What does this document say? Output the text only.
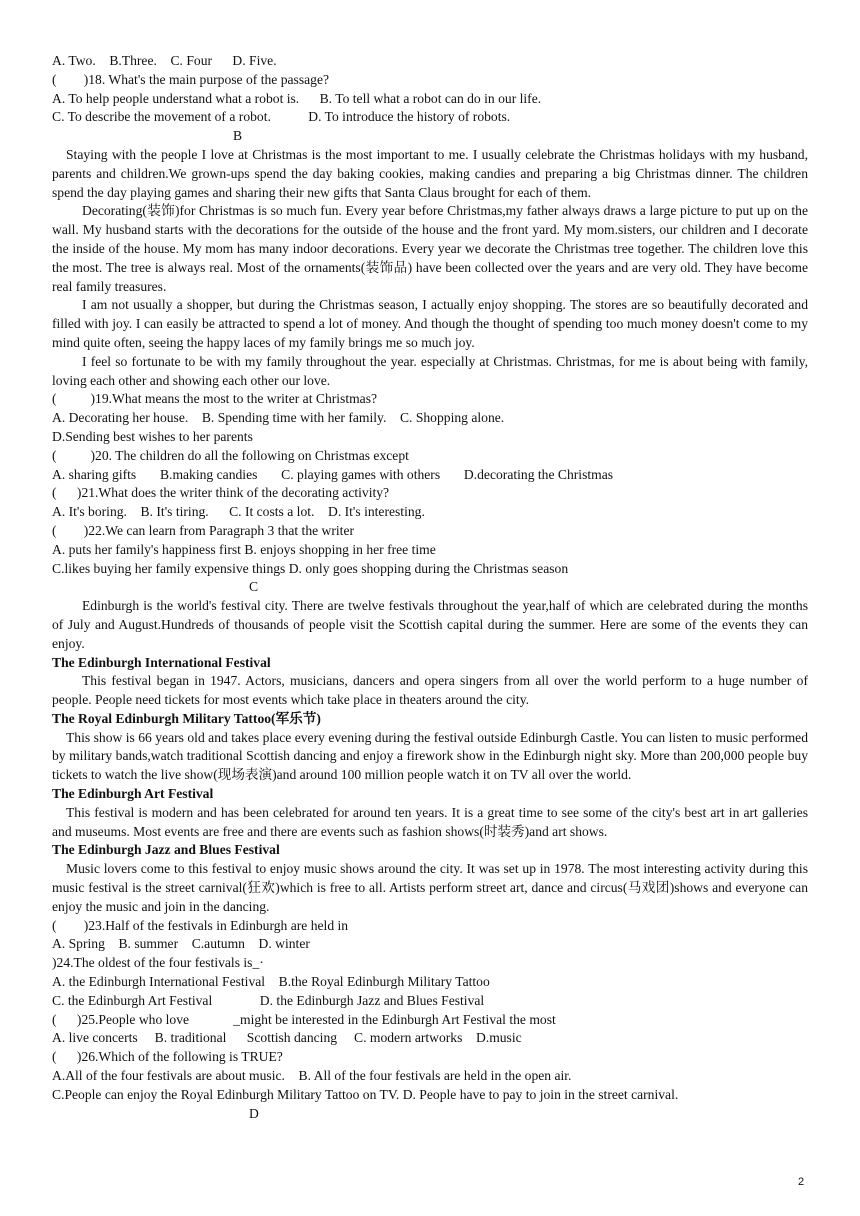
A. Two.    B.Three.    C. Four      D. Five.

(        )18. What's the main purpose of the passage?

A. To help people understand what a robot is.      B. To tell what a robot can do in our life.

C. To describe the movement of a robot.           D. To introduce the history of robots.

B

Staying with the people I love at Christmas is the most important to me. I usually celebrate the Christmas holidays with my husband, parents and children.We grown-ups spend the day baking cookies, making candies and preparing a big Christmas dinner. The children spend the day playing games and sharing their new gifts that Santa Claus brought for each of them.

Decorating(装饰)for Christmas is so much fun. Every year before Christmas,my father always draws a large picture to put up on the wall. My husband starts with the decorations for the outside of the house and the front yard. My mom.sisters, our children and I decorate the inside of the house. My mom has many indoor decorations. Every year we decorate the Christmas tree together. The children love this the most. The tree is always real. Most of the ornaments(装饰品) have been collected over the years and are very old. They have become real family treasures.

I am not usually a shopper, but during the Christmas season, I actually enjoy shopping. The stores are so beautifully decorated and filled with joy. I can easily be attracted to spend a lot of money. And though the thought of spending too much money doesn't come to my mind quite often, seeing the happy laces of my family brings me so much joy.

I feel so fortunate to be with my family throughout the year. especially at Christmas. Christmas, for me is about being with family, loving each other and showing each other our love.

(          )19.What means the most to the writer at Christmas?

A. Decorating her house.    B. Spending time with her family.    C. Shopping alone.

D.Sending best wishes to her parents

(          )20. The children do all the following on Christmas except

A. sharing gifts       B.making candies       C. playing games with others       D.decorating the Christmas

(      )21.What does the writer think of the decorating activity?

A. It's boring.    B. It's tiring.      C. It costs a lot.    D. It's interesting.

(        )22.We can learn from Paragraph 3 that the writer

A. puts her family's happiness first B. enjoys shopping in her free time

C.likes buying her family expensive things D. only goes shopping during the Christmas season

C

Edinburgh is the world's festival city. There are twelve festivals throughout the year,half of which are celebrated during the months of July and August.Hundreds of thousands of people visit the Scottish capital during the summer. Here are some of the events they can enjoy.

The Edinburgh International Festival

This festival began in 1947. Actors, musicians, dancers and opera singers from all over the world perform to a huge number of people. People need tickets for most events which take place in theaters around the city.

The Royal Edinburgh Military Tattoo(军乐节)

This show is 66 years old and takes place every evening during the festival outside Edinburgh Castle. You can listen to music performed by military bands,watch traditional Scottish dancing and enjoy a firework show in the Edinburgh night sky. More than 200,000 people buy tickets to watch the live show(现场表演)and around 100 million people watch it on TV all over the world.

The Edinburgh Art Festival

This festival is modern and has been celebrated for around ten years. It is a great time to see some of the city's best art in art galleries and museums. Most events are free and there are events such as fashion shows(时装秀)and art shows.

The Edinburgh Jazz and Blues Festival

Music lovers come to this festival to enjoy music shows around the city. It was set up in 1978. The most interesting activity during this music festival is the street carnival(狂欢)which is free to all. Artists perform street art, dance and circus(马戏团)shows and everyone can enjoy the music and join in the dancing.

(        )23.Half of the festivals in Edinburgh are held in

A. Spring    B. summer    C.autumn    D. winter

)24.The oldest of the four festivals is_·

A. the Edinburgh International Festival    B.the Royal Edinburgh Military Tattoo

C. the Edinburgh Art Festival              D. the Edinburgh Jazz and Blues Festival

(      )25.People who love             _might be interested in the Edinburgh Art Festival the most

A. live concerts     B. traditional      Scottish dancing     C. modern artworks    D.music

(      )26.Which of the following is TRUE?

A.All of the four festivals are about music.    B. All of the four festivals are held in the open air.

C.People can enjoy the Royal Edinburgh Military Tattoo on TV. D. People have to pay to join in the street carnival.

D

2
